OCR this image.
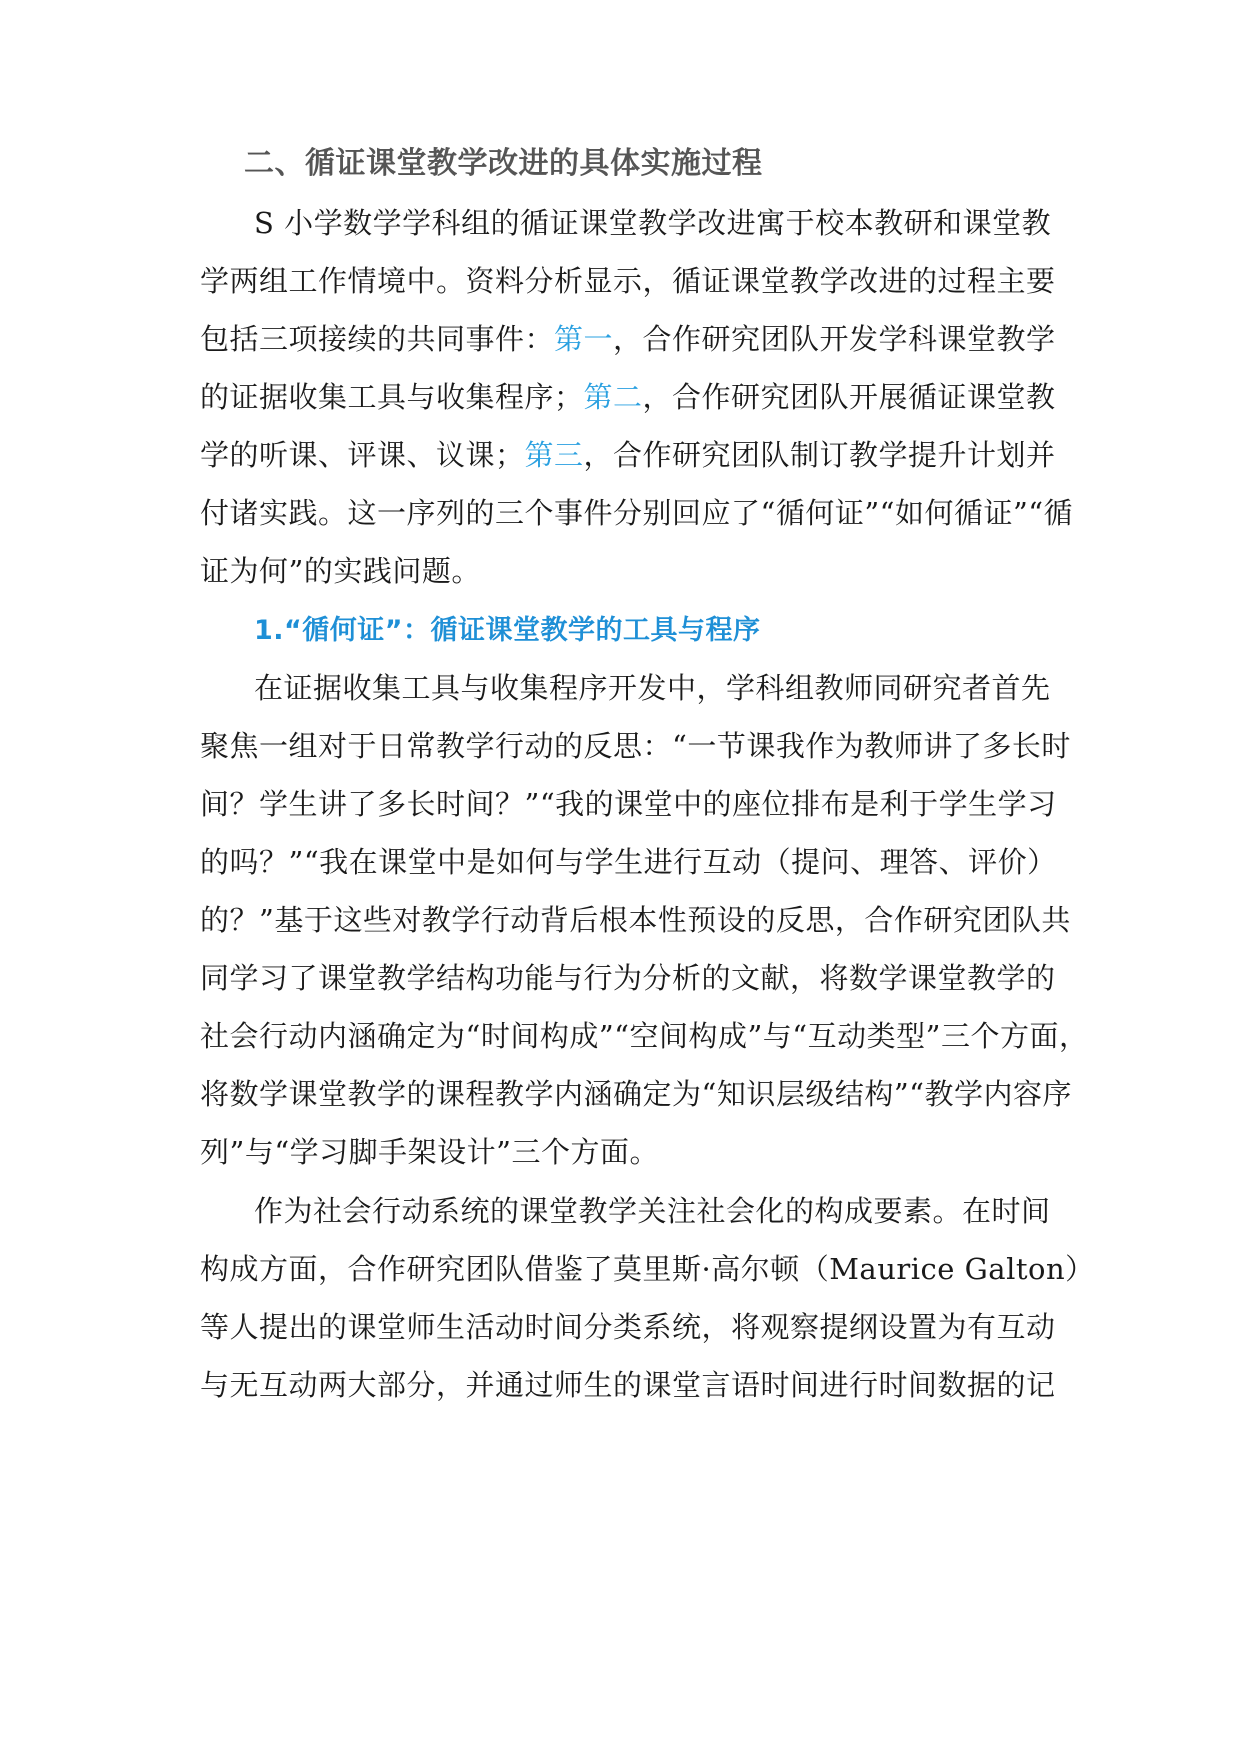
二、循证课堂教学改进的具体实施过程
S 小学数学学科组的循证课堂教学改进寓于校本教研和课堂教
学两组工作情境中。资料分析显示，循证课堂教学改进的过程主要
包括三项接续的共同事件：第一，合作研究团队开发学科课堂教学
的证据收集工具与收集程序；第二，合作研究团队开展循证课堂教
学的听课、评课、议课；第三，合作研究团队制订教学提升计划并
付诸实践。这一序列的三个事件分别回应了“循何证”“如何循证”“循
证为何”的实践问题。
1.“循何证”：循证课堂教学的工具与程序
在证据收集工具与收集程序开发中，学科组教师同研究者首先
聚焦一组对于日常教学行动的反思：“一节课我作为教师讲了多长时
间？学生讲了多长时间？”“我的课堂中的座位排布是利于学生学习
的吗？”“我在课堂中是如何与学生进行互动（提问、理答、评价）
的？”基于这些对教学行动背后根本性预设的反思，合作研究团队共
同学习了课堂教学结构功能与行为分析的文献，将数学课堂教学的
社会行动内涵确定为“时间构成”“空间构成”与“互动类型”三个方面，
将数学课堂教学的课程教学内涵确定为“知识层级结构”“教学内容序
列”与“学习脚手架设计”三个方面。
作为社会行动系统的课堂教学关注社会化的构成要素。在时间
构成方面，合作研究团队借鉴了莫里斯·高尔顿（Maurice Galton）
等人提出的课堂师生活动时间分类系统，将观察提纲设置为有互动
与无互动两大部分，并通过师生的课堂言语时间进行时间数据的记
